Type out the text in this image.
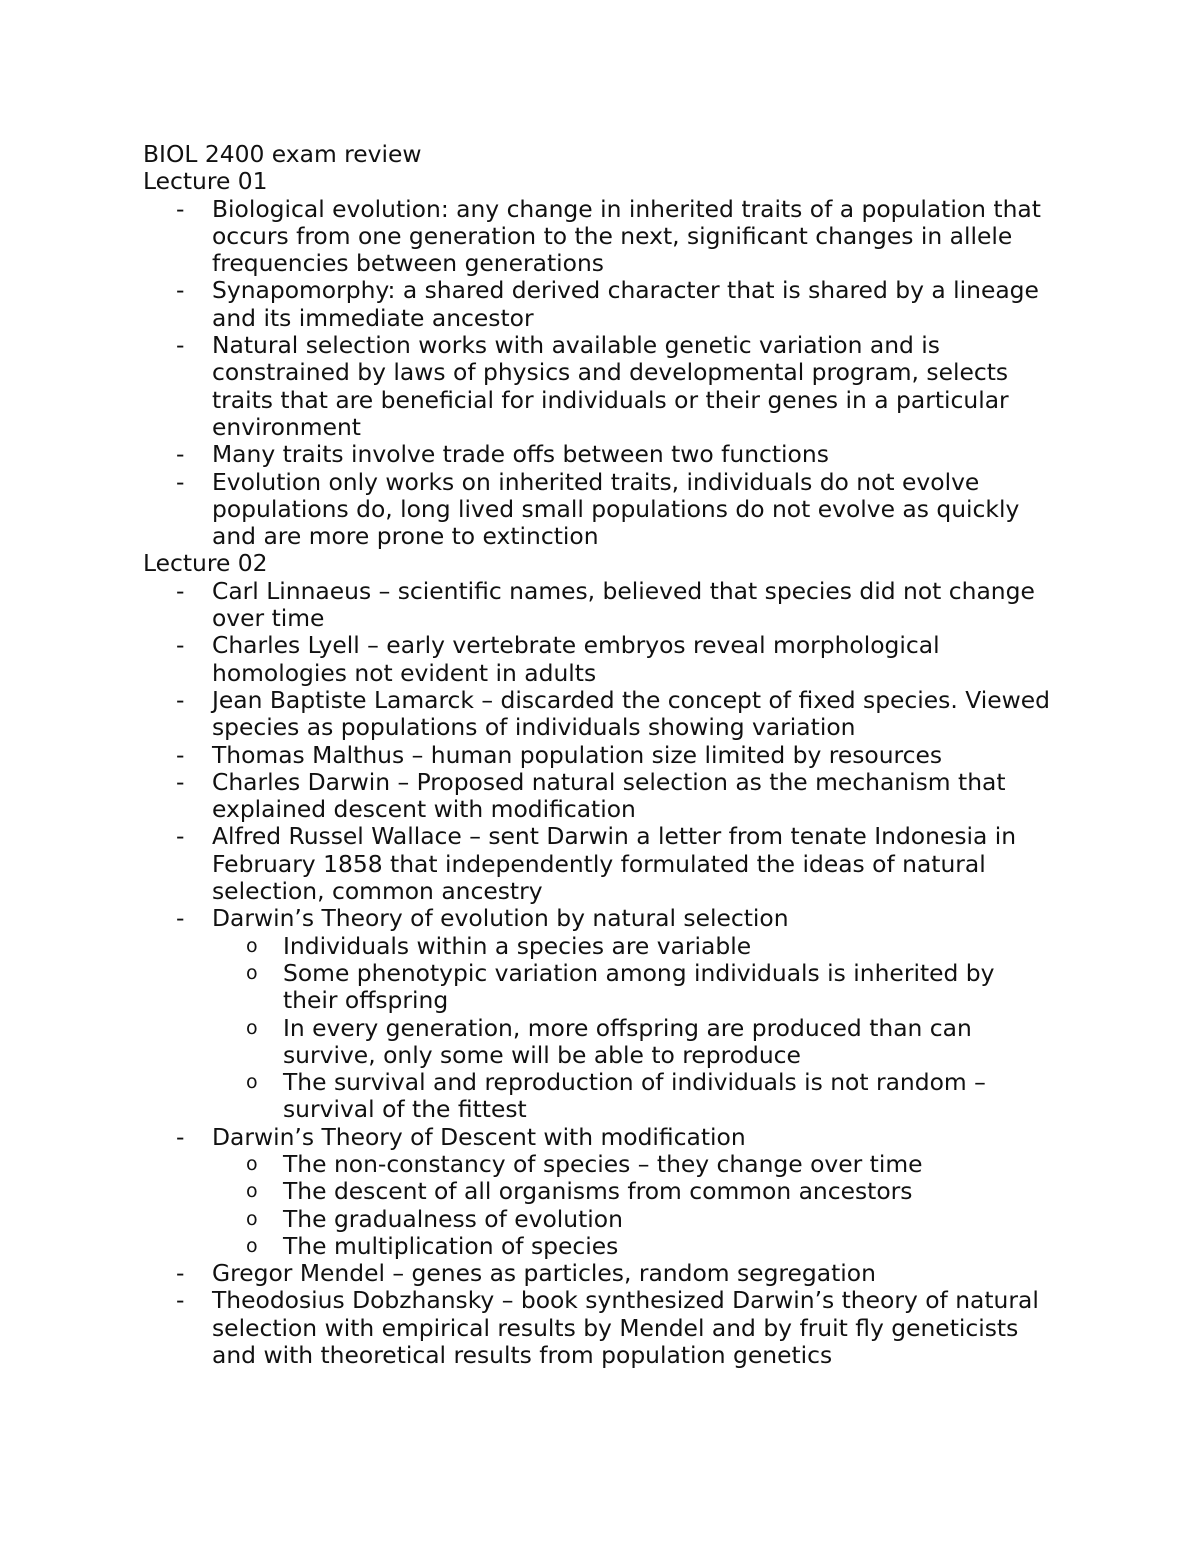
BIOL 2400 exam review

Lecture 01

- Biological evolution: any change in inherited traits of a population that occurs from one generation to the next, significant changes in allele frequencies between generations
- Synapomorphy: a shared derived character that is shared by a lineage and its immediate ancestor
- Natural selection works with available genetic variation and is constrained by laws of physics and developmental program, selects traits that are beneficial for individuals or their genes in a particular environment
- Many traits involve trade offs between two functions
- Evolution only works on inherited traits, individuals do not evolve populations do, long lived small populations do not evolve as quickly and are more prone to extinction

Lecture 02

- Carl Linnaeus – scientific names, believed that species did not change over time
- Charles Lyell – early vertebrate embryos reveal morphological homologies not evident in adults
- Jean Baptiste Lamarck – discarded the concept of fixed species. Viewed species as populations of individuals showing variation
- Thomas Malthus – human population size limited by resources
- Charles Darwin – Proposed natural selection as the mechanism that explained descent with modification
- Alfred Russel Wallace – sent Darwin a letter from tenate Indonesia in February 1858 that independently formulated the ideas of natural selection, common ancestry
- Darwin’s Theory of evolution by natural selection
o Individuals within a species are variable
o Some phenotypic variation among individuals is inherited by their offspring
o In every generation, more offspring are produced than can survive, only some will be able to reproduce
o The survival and reproduction of individuals is not random – survival of the fittest
- Darwin’s Theory of Descent with modification
o The non-constancy of species – they change over time
o The descent of all organisms from common ancestors
o The gradualness of evolution
o The multiplication of species
- Gregor Mendel – genes as particles, random segregation
- Theodosius Dobzhansky – book synthesized Darwin’s theory of natural selection with empirical results by Mendel and by fruit fly geneticists and with theoretical results from population genetics
